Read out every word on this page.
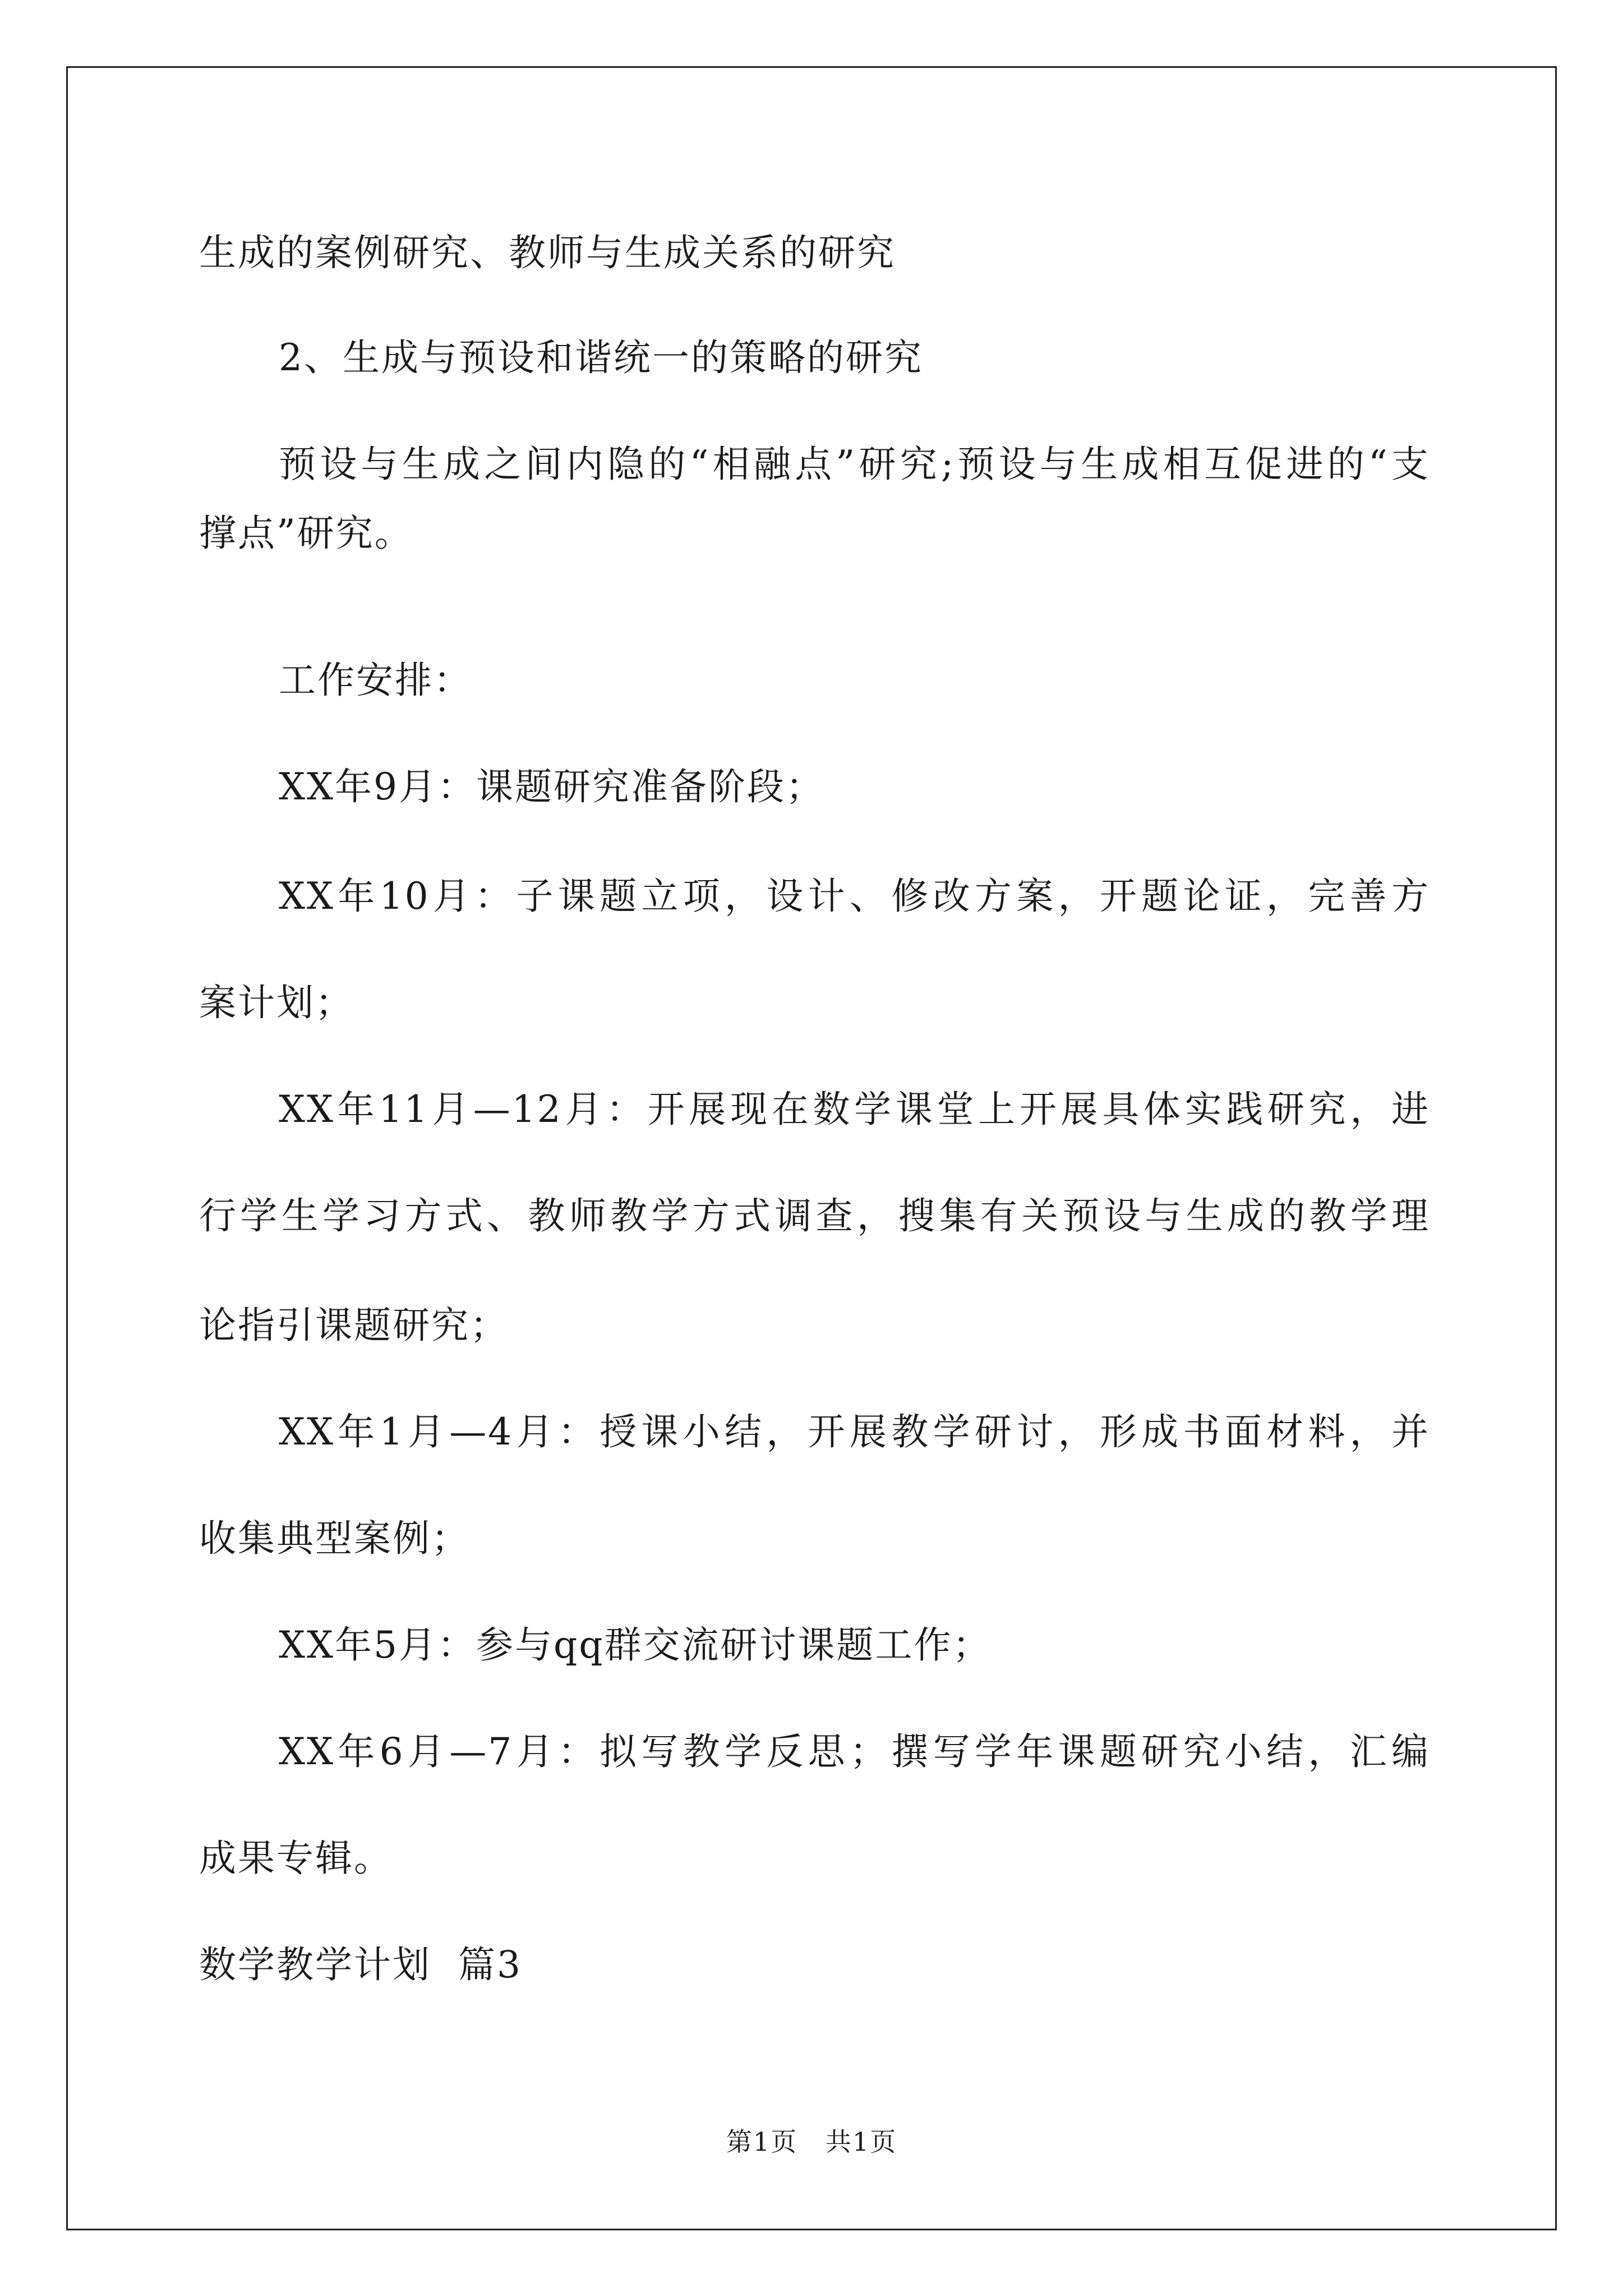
生成的案例研究、教师与生成关系的研究
2、生成与预设和谐统一的策略的研究
预设与生成之间内隐的“相融点”研究;预设与生成相互促进的“支
撑点”研究。
工作安排：
XX年9月：课题研究准备阶段；
XX年10月：子课题立项，设计、修改方案，开题论证，完善方
案计划；
XX年11月—12月：开展现在数学课堂上开展具体实践研究，进
行学生学习方式、教师教学方式调查，搜集有关预设与生成的教学理
论指引课题研究；
XX年1月—4月：授课小结，开展教学研讨，形成书面材料，并
收集典型案例；
XX年5月：参与qq群交流研讨课题工作；
XX年6月—7月：拟写教学反思；撰写学年课题研究小结，汇编
成果专辑。
数学教学计划  篇3
第1页   共1页
